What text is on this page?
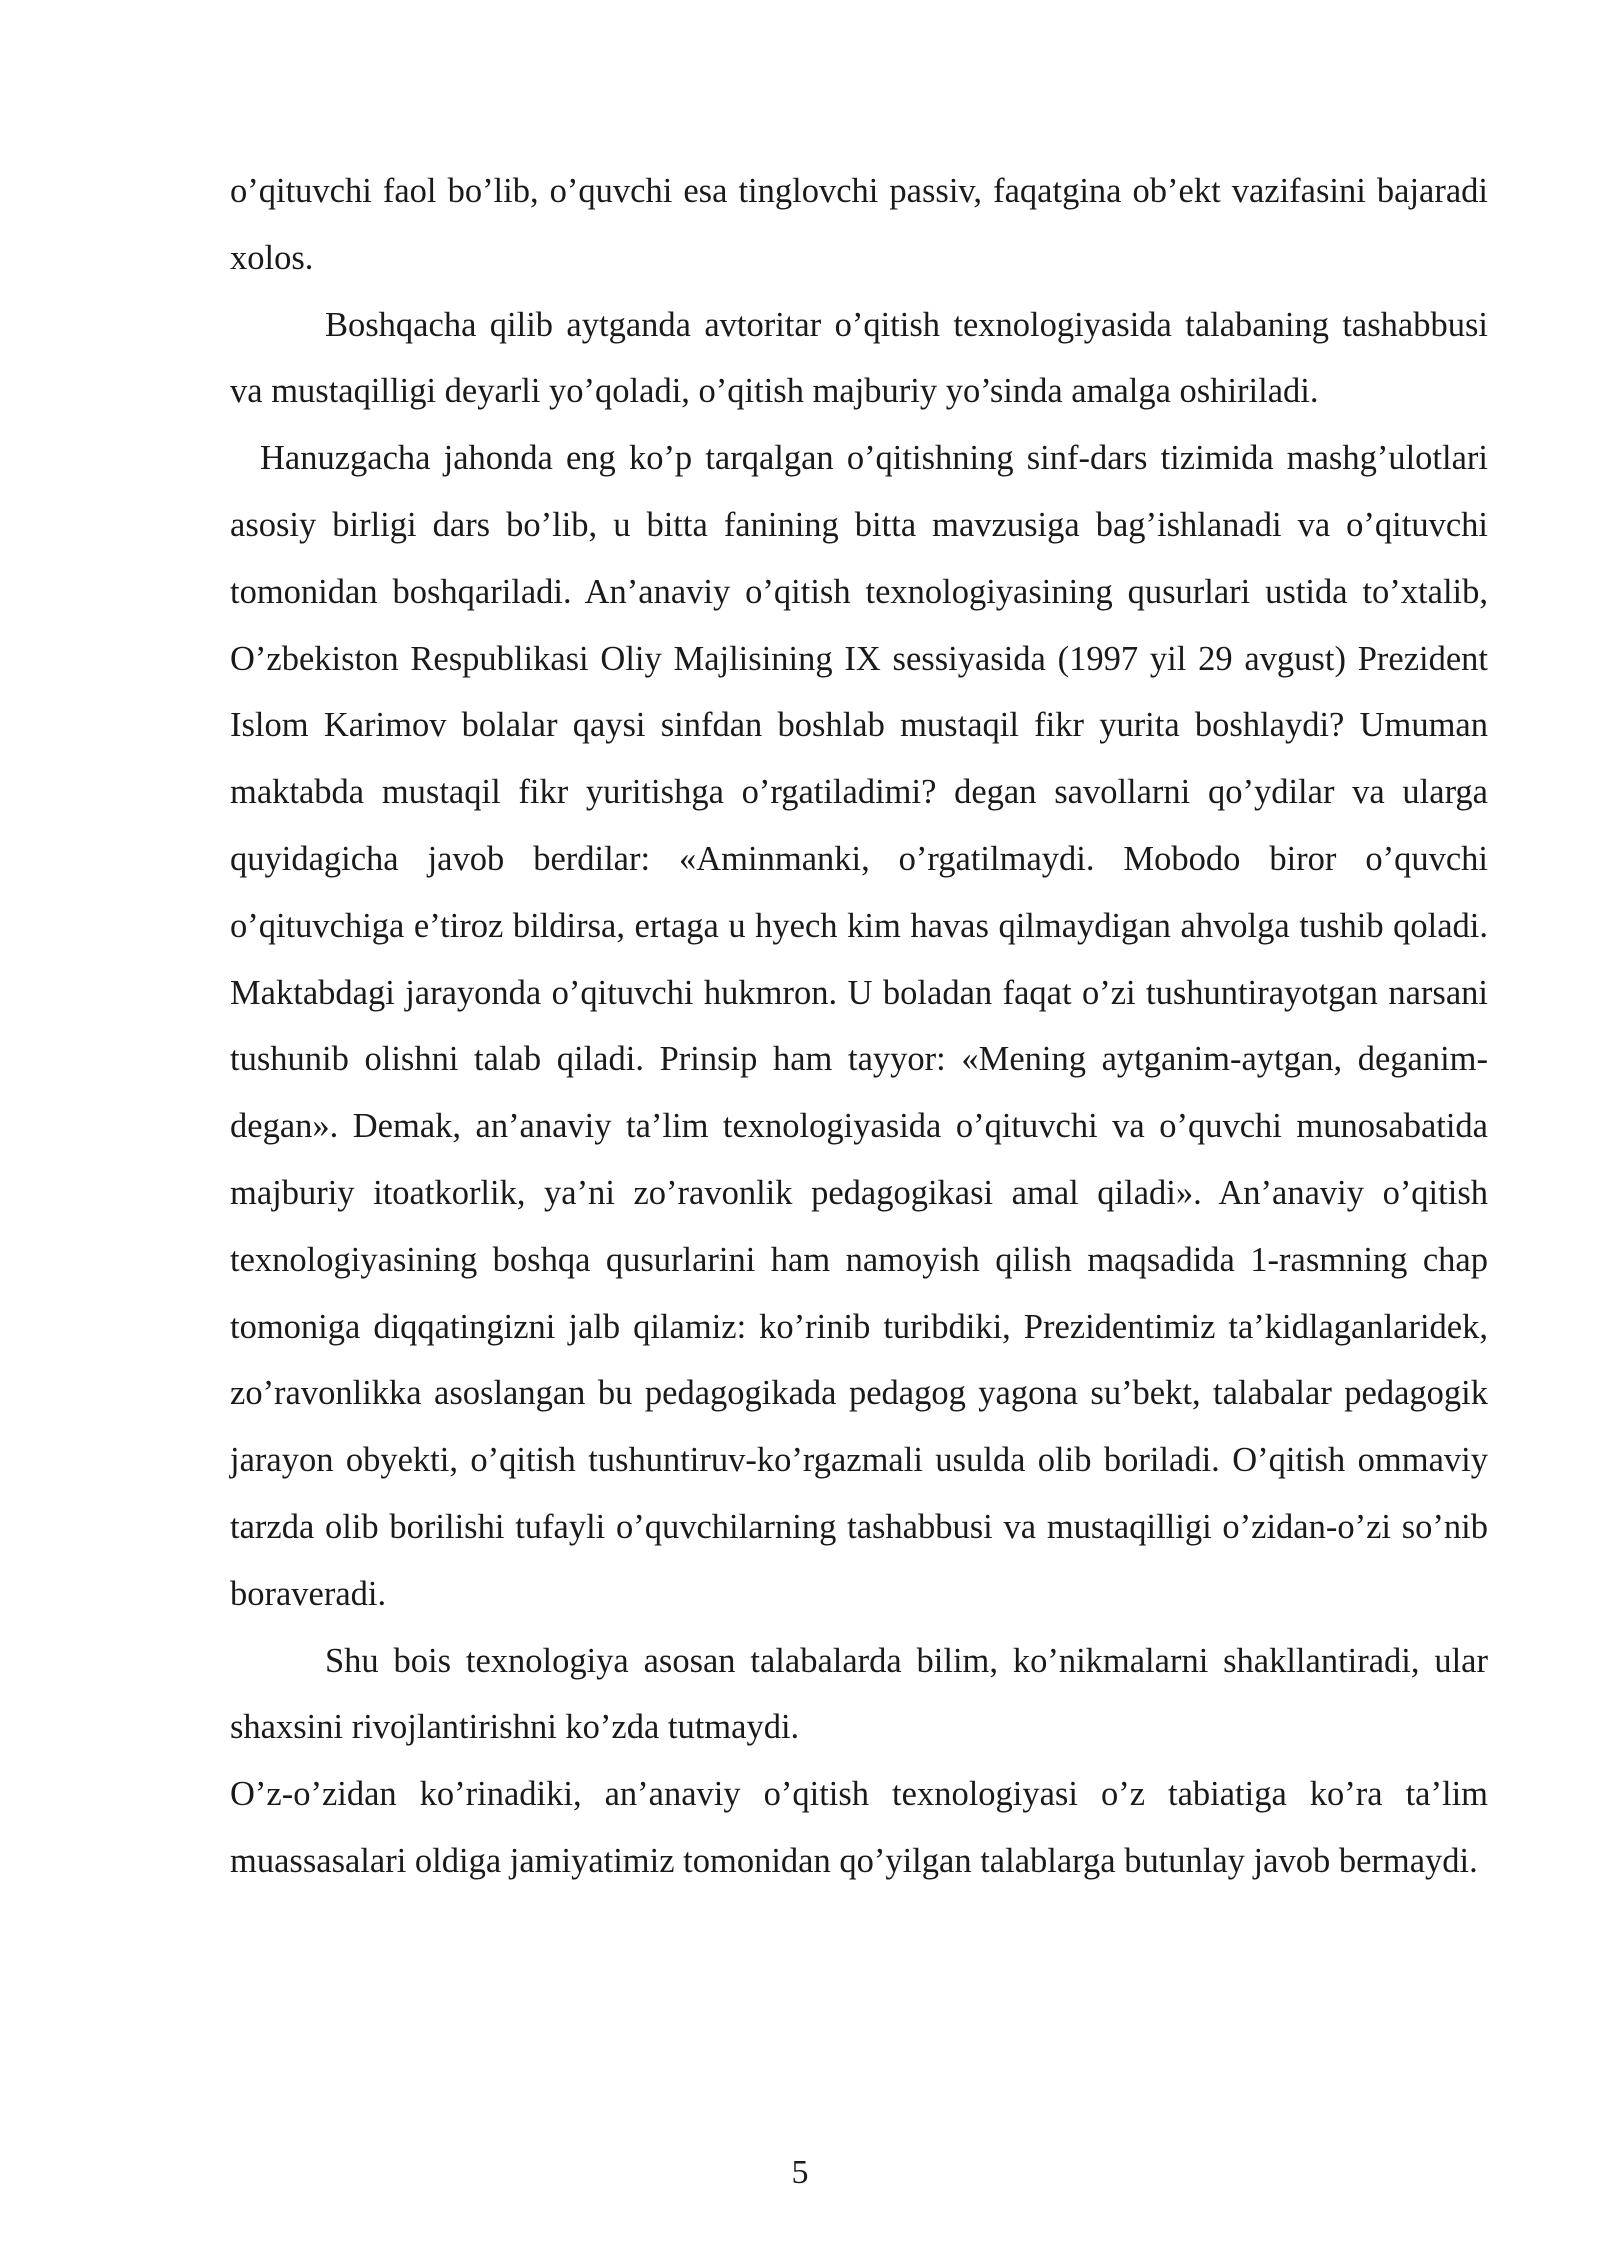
o’qituvchi faol bo’lib, o’quvchi esa tinglovchi passiv, faqatgina ob’ekt vazifasini bajaradi xolos.

Boshqacha qilib aytganda avtoritar o’qitish texnologiyasida talabaning tashabbusi va mustaqilligi deyarli yo’qoladi, o’qitish majburiy yo’sinda amalga oshiriladi.

Hanuzgacha jahonda eng ko’p tarqalgan o’qitishning sinf-dars tizimida mashg’ulotlari asosiy birligi dars bo’lib, u bitta fanining bitta mavzusiga bag’ishlanadi va o’qituvchi tomonidan boshqariladi. An’anaviy o’qitish texnologiyasining qusurlari ustida to’xtalib, O’zbekiston Respublikasi Oliy Majlisining IX sessiyasida (1997 yil 29 avgust) Prezident Islom Karimov bolalar qaysi sinfdan boshlab mustaqil fikr yurita boshlaydi? Umuman maktabda mustaqil fikr yuritishga o’rgatiladimi? degan savollarni qo’ydilar va ularga quyidagicha javob berdilar: «Aminmanki, o’rgatilmaydi. Mobodo biror o’quvchi o’qituvchiga e’tiroz bildirsa, ertaga u hyech kim havas qilmaydigan ahvolga tushib qoladi. Maktabdagi jarayonda o’qituvchi hukmron. U boladan faqat o’zi tushuntirayotgan narsani tushunib olishni talab qiladi. Prinsip ham tayyor: «Mening aytganim-aytgan, deganim-degan». Demak, an’anaviy ta’lim texnologiyasida o’qituvchi va o’quvchi munosabatida majburiy itoatkorlik, ya’ni zo’ravonlik pedagogikasi amal qiladi». An’anaviy o’qitish texnologiyasining boshqa qusurlarini ham namoyish qilish maqsadida 1-rasmning chap tomoniga diqqatingizni jalb qilamiz: ko’rinib turibdiki, Prezidentimiz ta’kidlaganlaridek, zo’ravonlikka asoslangan bu pedagogikada pedagog yagona su’bekt, talabalar pedagogik jarayon obyekti, o’qitish tushuntiruv-ko’rgazmali usulda olib boriladi. O’qitish ommaviy tarzda olib borilishi tufayli o’quvchilarning tashabbusi va mustaqilligi o’zidan-o’zi so’nib boraveradi.

Shu bois texnologiya asosan talabalarda bilim, ko’nikmalarni shakllantiradi, ular shaxsini rivojlantirishni ko’zda tutmaydi.

O’z-o’zidan ko’rinadiki, an’anaviy o’qitish texnologiyasi o’z tabiatiga ko’ra ta’lim muassasalari oldiga jamiyatimiz tomonidan qo’yilgan talablarga butunlay javob bermaydi.

5
